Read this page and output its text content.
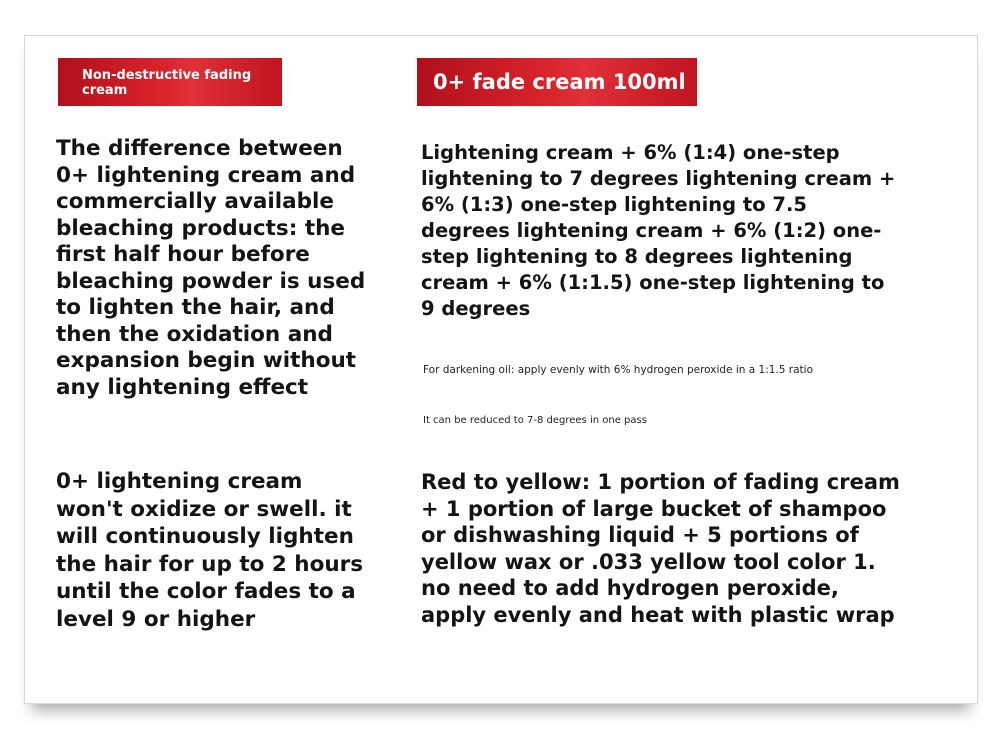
Non-destructive fading cream	0+ fade cream 100ml

The difference between 0+ lightening cream and commercially available bleaching products: the first half hour before bleaching powder is used to lighten the hair, and then the oxidation and expansion begin without any lightening effect

0+ lightening cream won't oxidize or swell. it will continuously lighten the hair for up to 2 hours until the color fades to a level 9 or higher

Lightening cream + 6% (1:4) one-step lightening to 7 degrees lightening cream + 6% (1:3) one-step lightening to 7.5 degrees lightening cream + 6% (1:2) one-step lightening to 8 degrees lightening cream + 6% (1:1.5) one-step lightening to 9 degrees

For darkening oil: apply evenly with 6% hydrogen peroxide in a 1:1.5 ratio

It can be reduced to 7-8 degrees in one pass

Red to yellow: 1 portion of fading cream + 1 portion of large bucket of shampoo or dishwashing liquid + 5 portions of yellow wax or .033 yellow tool color 1. no need to add hydrogen peroxide, apply evenly and heat with plastic wrap
